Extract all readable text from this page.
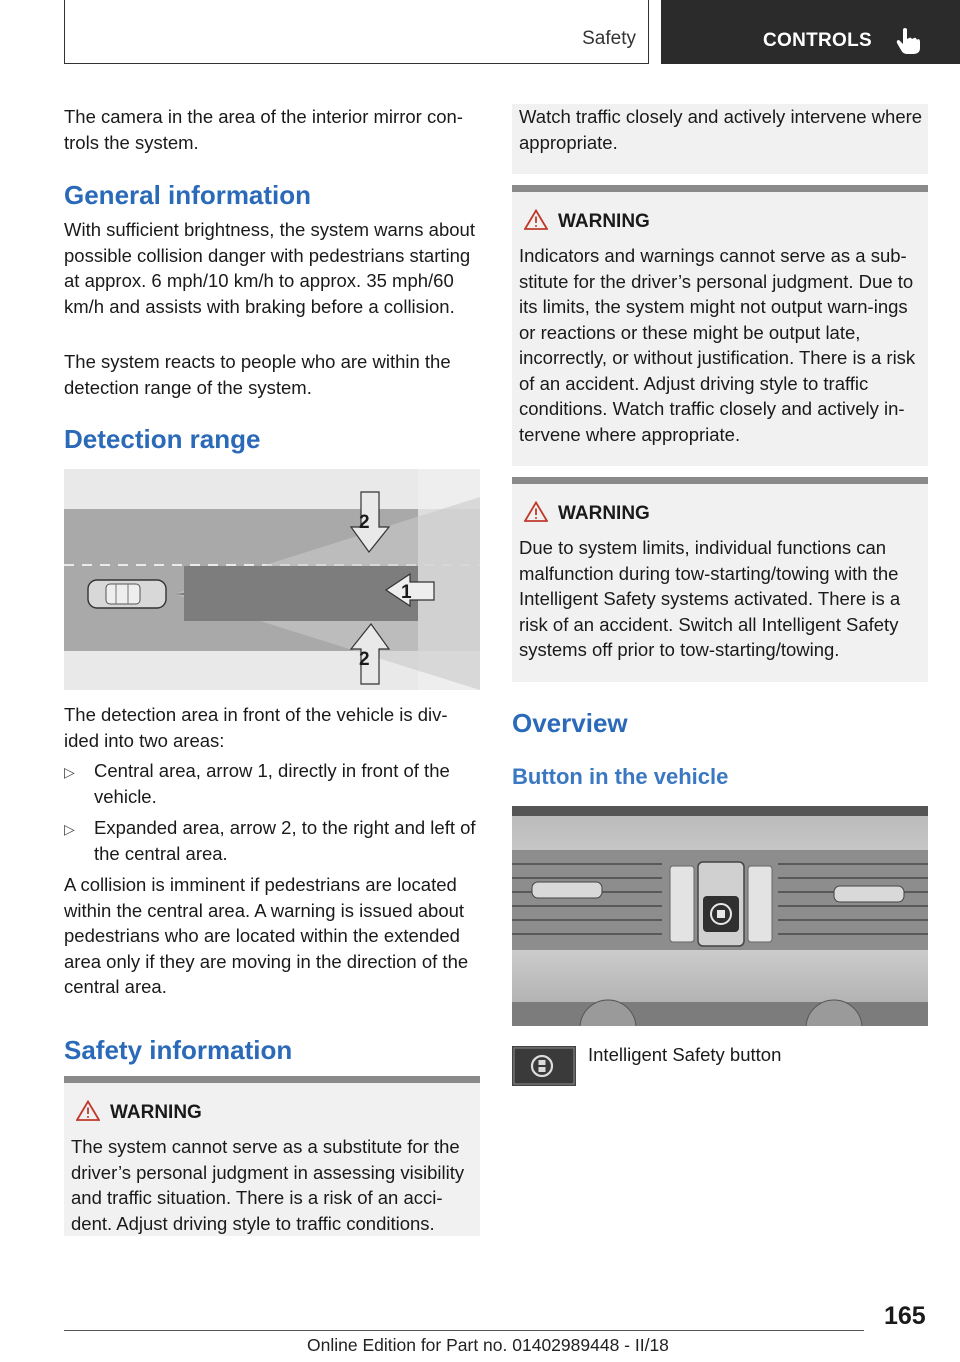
Safety	CONTROLS

The camera in the area of the interior mirror con-trols the system.

General information

With sufficient brightness, the system warns about possible collision danger with pedestrians starting at approx. 6 mph/10 km/h to approx. 35 mph/60 km/h and assists with braking before a collision.

The system reacts to people who are within the detection range of the system.

Detection range
2
1
2

The detection area in front of the vehicle is div-ided into two areas:

▷ Central area, arrow 1, directly in front of the vehicle.
▷ Expanded area, arrow 2, to the right and left of the central area.

A collision is imminent if pedestrians are located within the central area. A warning is issued about pedestrians who are located within the extended area only if they are moving in the direction of the central area.

Safety information
WARNING
The system cannot serve as a substitute for the driver’s personal judgment in assessing visibility and traffic situation. There is a risk of an acci-dent. Adjust driving style to traffic conditions.
Watch traffic closely and actively intervene where appropriate.
WARNING
Indicators and warnings cannot serve as a sub-stitute for the driver’s personal judgment. Due to its limits, the system might not output warn-ings or reactions or these might be output late, incorrectly, or without justification. There is a risk of an accident. Adjust driving style to traffic conditions. Watch traffic closely and actively in-tervene where appropriate.
WARNING
Due to system limits, individual functions can malfunction during tow-starting/towing with the Intelligent Safety systems activated. There is a risk of an accident. Switch all Intelligent Safety systems off prior to tow-starting/towing.
Overview
Button in the vehicle
Intelligent Safety button
165
Online Edition for Part no. 01402989448 - II/18
